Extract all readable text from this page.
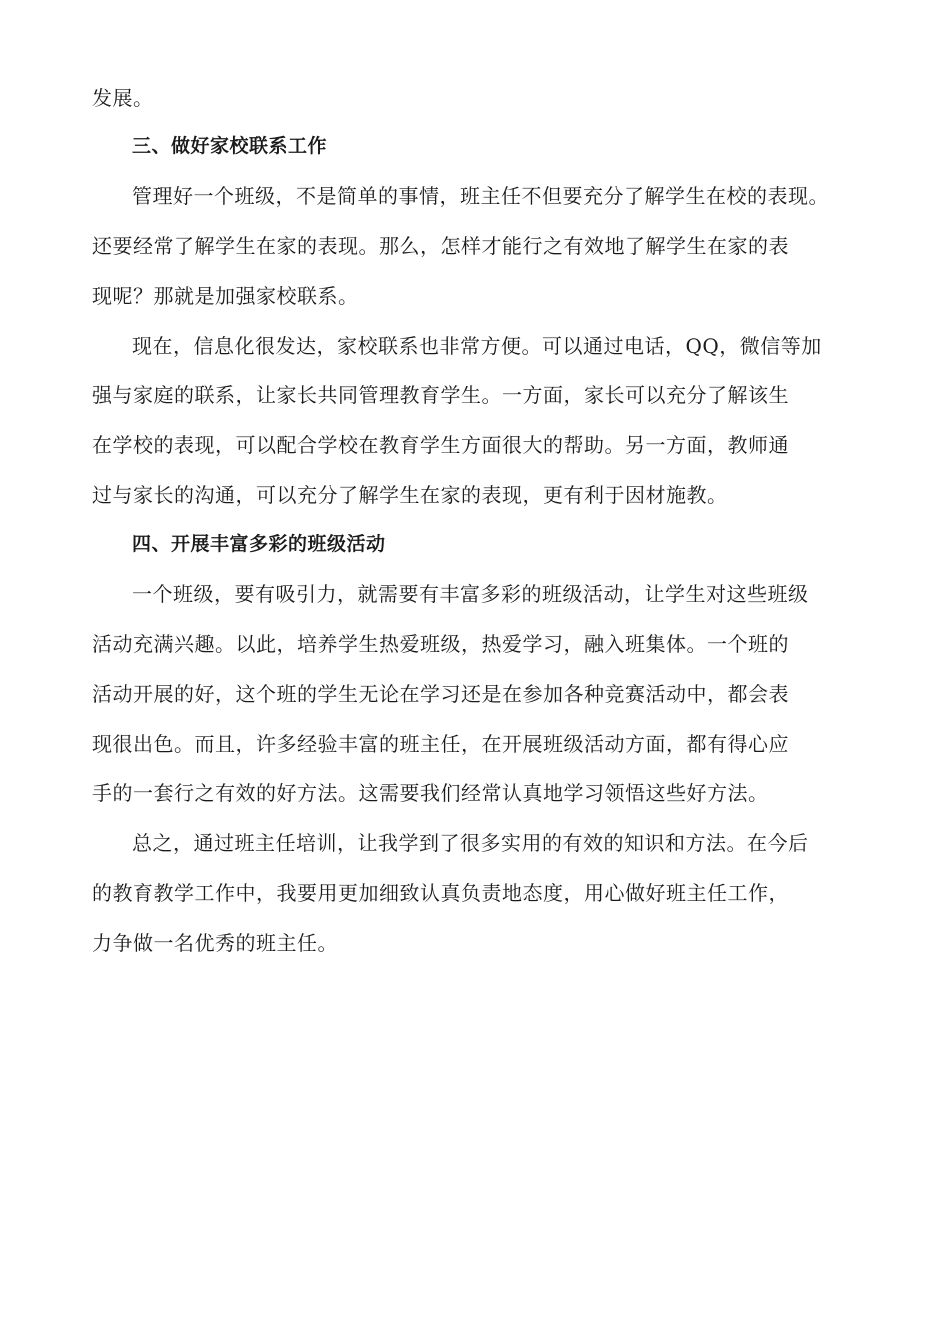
发展。
三、做好家校联系工作
管理好一个班级，不是简单的事情，班主任不但要充分了解学生在校的表现。
还要经常了解学生在家的表现。那么，怎样才能行之有效地了解学生在家的表
现呢？那就是加强家校联系。
现在，信息化很发达，家校联系也非常方便。可以通过电话，QQ，微信等加
强与家庭的联系，让家长共同管理教育学生。一方面，家长可以充分了解该生
在学校的表现，可以配合学校在教育学生方面很大的帮助。另一方面，教师通
过与家长的沟通，可以充分了解学生在家的表现，更有利于因材施教。
四、开展丰富多彩的班级活动
一个班级，要有吸引力，就需要有丰富多彩的班级活动，让学生对这些班级
活动充满兴趣。以此，培养学生热爱班级，热爱学习，融入班集体。一个班的
活动开展的好，这个班的学生无论在学习还是在参加各种竞赛活动中，都会表
现很出色。而且，许多经验丰富的班主任，在开展班级活动方面，都有得心应
手的一套行之有效的好方法。这需要我们经常认真地学习领悟这些好方法。
总之，通过班主任培训，让我学到了很多实用的有效的知识和方法。在今后
的教育教学工作中，我要用更加细致认真负责地态度，用心做好班主任工作，
力争做一名优秀的班主任。
